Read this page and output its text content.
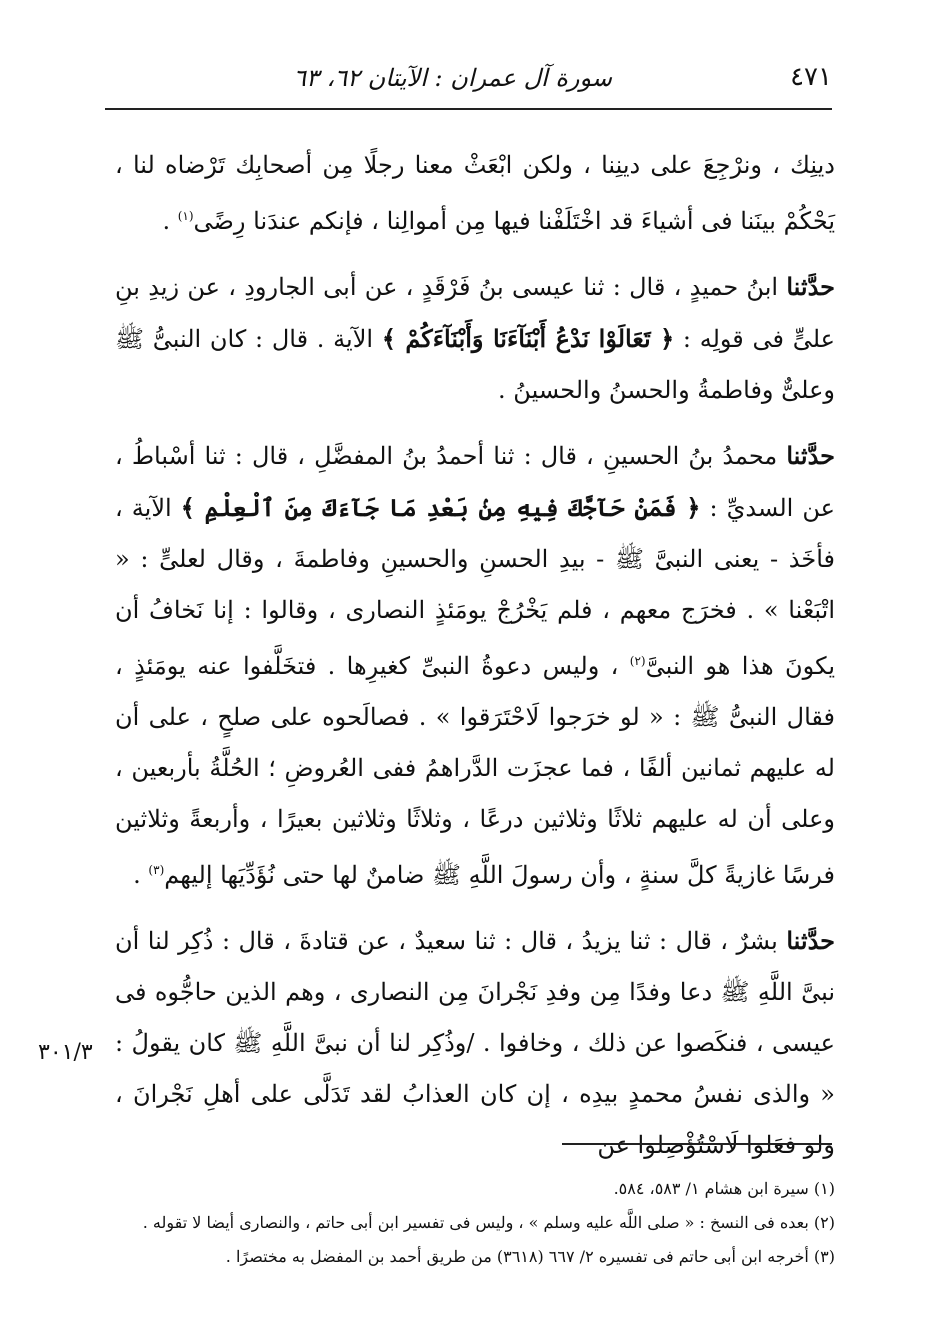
٤٧١
سورة آل عمران : الآيتان ٦٢، ٦٣

دينِك ، ونرْجِعَ على دينِنا ، ولكن ابْعَثْ معنا رجلًا مِن أصحابِك تَرْضاه لنا ، يَحْكُمْ بينَنا فى أشياءَ قد اخْتَلَفْنا فيها مِن أموالِنا ، فإنكم عندَنا رِضًى$^{(١)}$ .

حدَّثنا ابنُ حميدٍ ، قال : ثنا عيسى بنُ فَرْقَدٍ ، عن أبى الجارودِ ، عن زيدِ بنِ علىٍّ فى قولِه : ﴿ تَعَالَوْا نَدْعُ أَبْنَآءَنَا وَأَبْنَآءَكُمْ ﴾ الآية . قال : كان النبىُّ ﷺ وعلىٌّ وفاطمةُ والحسنُ والحسينُ .

حدَّثنا محمدُ بنُ الحسينِ ، قال : ثنا أحمدُ بنُ المفضَّلِ ، قال : ثنا أسْباطُ ، عن السديِّ : ﴿ فَمَنْ حَآجَّكَ فِيهِ مِنۢ بَعْدِ مَا جَآءَكَ مِنَ ٱلْعِلْمِ ﴾ الآية ، فأخَذ - يعنى النبىَّ ﷺ - بيدِ الحسنِ والحسينِ وفاطمةَ ، وقال لعلىٍّ : « اتْبَعْنا » . فخرَج معهم ، فلم يَخْرُجْ يومَئذٍ النصارى ، وقالوا : إنا نَخافُ أن يكونَ هذا هو النبىَّ$^{(٢)}$ ، وليس دعوةُ النبىِّ كغيرِها . فتخَلَّفوا عنه يومَئذٍ ، فقال النبىُّ ﷺ : « لو خرَجوا لَاحْتَرَقوا » . فصالَحوه على صلحٍ ، على أن له عليهم ثمانين ألفًا ، فما عجزَت الدَّراهمُ ففى العُروضِ ؛ الحُلَّةُ بأربعين ، وعلى أن له عليهم ثلاثًا وثلاثين درعًا ، وثلاثًا وثلاثين بعيرًا ، وأربعةً وثلاثين فرسًا غازيةً كلَّ سنةٍ ، وأن رسولَ اللَّهِ ﷺ ضامنٌ لها حتى نُؤَدِّيَها إليهم$^{(٣)}$ .

حدَّثنا بشرٌ ، قال : ثنا يزيدُ ، قال : ثنا سعيدٌ ، عن قتادةَ ، قال : ذُكِر لنا أن نبىَّ اللَّهِ ﷺ دعا وفدًا مِن وفدِ نَجْرانَ مِن النصارى ، وهم الذين حاجُّوه فى عيسى ، فنكَصوا عن ذلك ، وخافوا . /وذُكِر لنا أن نبىَّ اللَّهِ ﷺ كان يقولُ : « والذى نفسُ محمدٍ بيدِه ، إن كان العذابُ لقد تَدَلَّى على أهلِ نَجْرانَ ، ولو فعَلوا لَاسْتُؤْصِلوا عن

٣٠١/٣

(١) سيرة ابن هشام ١/ ٥٨٣، ٥٨٤.

(٢) بعده فى النسخ : « صلى اللَّه عليه وسلم » ، وليس فى تفسير ابن أبى حاتم ، والنصارى أيضا لا تقوله .

(٣) أخرجه ابن أبى حاتم فى تفسيره ٢/ ٦٦٧ (٣٦١٨) من طريق أحمد بن المفضل به مختصرًا .
